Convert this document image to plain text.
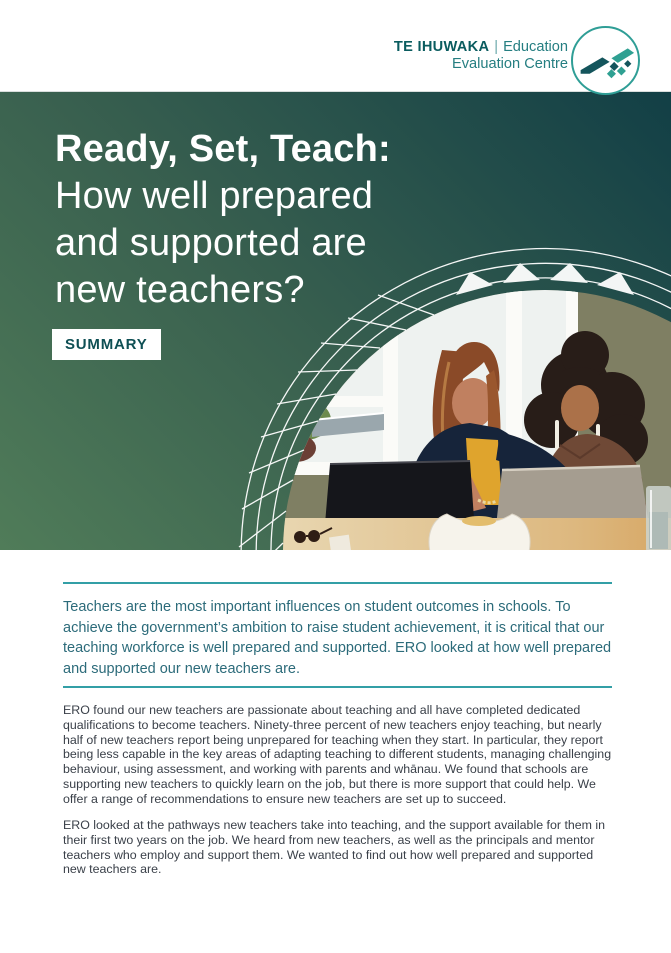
TE IHUWAKA | Education
Evaluation Centre
Ready, Set, Teach:
How well prepared
and supported are
new teachers?
SUMMARY

Teachers are the most important influences on student outcomes in schools. To achieve the government’s ambition to raise student achievement, it is critical that our teaching workforce is well prepared and supported. ERO looked at how well prepared and supported our new teachers are.

ERO found our new teachers are passionate about teaching and all have completed dedicated qualifications to become teachers. Ninety-three percent of new teachers enjoy teaching, but nearly half of new teachers report being unprepared for teaching when they start. In particular, they report being less capable in the key areas of adapting teaching to different students, managing challenging behaviour, using assessment, and working with parents and whānau. We found that schools are supporting new teachers to quickly learn on the job, but there is more support that could help. We offer a range of recommendations to ensure new teachers are set up to succeed.

ERO looked at the pathways new teachers take into teaching, and the support available for them in their first two years on the job. We heard from new teachers, as well as the principals and mentor teachers who employ and support them. We wanted to find out how well prepared and supported new teachers are.
